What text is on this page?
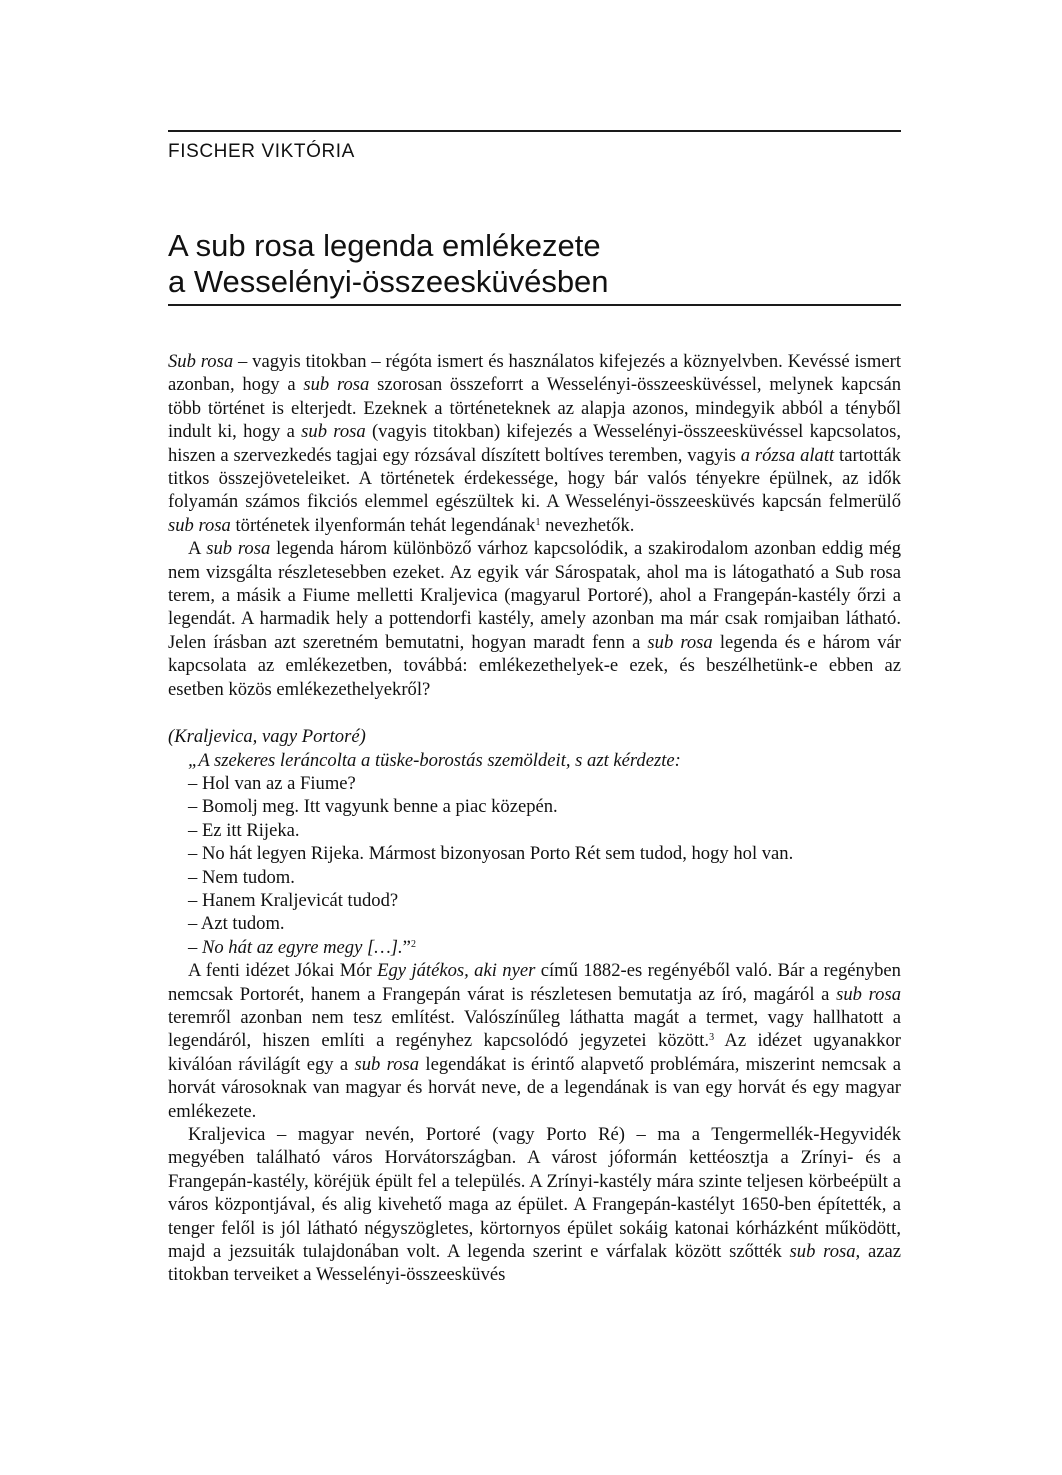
FISCHER VIKTÓRIA
A sub rosa legenda emlékezete
a Wesselényi-összeesküvésben

Sub rosa – vagyis titokban – régóta ismert és használatos kifejezés a köznyelvben. Kevéssé ismert azonban, hogy a sub rosa szorosan összeforrt a Wesselényi-összeesküvéssel, melynek kapcsán több történet is elterjedt. Ezeknek a történeteknek az alapja azonos, mindegyik abból a tényből indult ki, hogy a sub rosa (vagyis titokban) kifejezés a Wesselényi-összeesküvéssel kapcsolatos, hiszen a szervezkedés tagjai egy rózsával díszített boltíves teremben, vagyis a rózsa alatt tartották titkos összejöveteleiket. A történetek érdekessége, hogy bár valós tényekre épülnek, az idők folyamán számos fikciós elemmel egészültek ki. A Wesselényi-összeesküvés kapcsán felmerülő sub rosa történetek ilyenformán tehát legendának$^1$ nevezhetők.

A sub rosa legenda három különböző várhoz kapcsolódik, a szakirodalom azonban eddig még nem vizsgálta részletesebben ezeket. Az egyik vár Sárospatak, ahol ma is látogatható a Sub rosa terem, a másik a Fiume melletti Kraljevica (magyarul Portoré), ahol a Frangepán-kastély őrzi a legendát. A harmadik hely a pottendorfi kastély, amely azonban ma már csak romjaiban látható. Jelen írásban azt szeretném bemutatni, hogyan maradt fenn a sub rosa legenda és e három vár kapcsolata az emlékezetben, továbbá: emlékezethelyek-e ezek, és beszélhetünk-e ebben az esetben közös emlékezethelyekről?

(Kraljevica, vagy Portoré)

„A szekeres leráncolta a tüske-borostás szemöldeit, s azt kérdezte:

– Hol van az a Fiume?

– Bomolj meg. Itt vagyunk benne a piac közepén.

– Ez itt Rijeka.

– No hát legyen Rijeka. Mármost bizonyosan Porto Rét sem tudod, hogy hol van.

– Nem tudom.

– Hanem Kraljevicát tudod?

– Azt tudom.

– No hát az egyre megy […].”$^2$

A fenti idézet Jókai Mór Egy játékos, aki nyer című 1882-es regényéből való. Bár a regényben nemcsak Portorét, hanem a Frangepán várat is részletesen bemutatja az író, magáról a sub rosa teremről azonban nem tesz említést. Valószínűleg láthatta magát a termet, vagy hallhatott a legendáról, hiszen említi a regényhez kapcsolódó jegyzetei között.$^3$ Az idézet ugyanakkor kiválóan rávilágít egy a sub rosa legendákat is érintő alapvető problémára, miszerint nemcsak a horvát városoknak van magyar és horvát neve, de a legendának is van egy horvát és egy magyar emlékezete.

Kraljevica – magyar nevén, Portoré (vagy Porto Ré) – ma a Tengermellék-Hegyvidék megyében található város Horvátországban. A várost jóformán kettéosztja a Zrínyi- és a Frangepán-kastély, köréjük épült fel a település. A Zrínyi-kastély mára szinte teljesen körbeépült a város központjával, és alig kivehető maga az épület. A Frangepán-kastélyt 1650-ben építették, a tenger felől is jól látható négyszögletes, körtornyos épület sokáig katonai kórházként működött, majd a jezsuiták tulajdonában volt. A legenda szerint e várfalak között szőtték sub rosa, azaz titokban terveiket a Wesselényi-összeesküvés
